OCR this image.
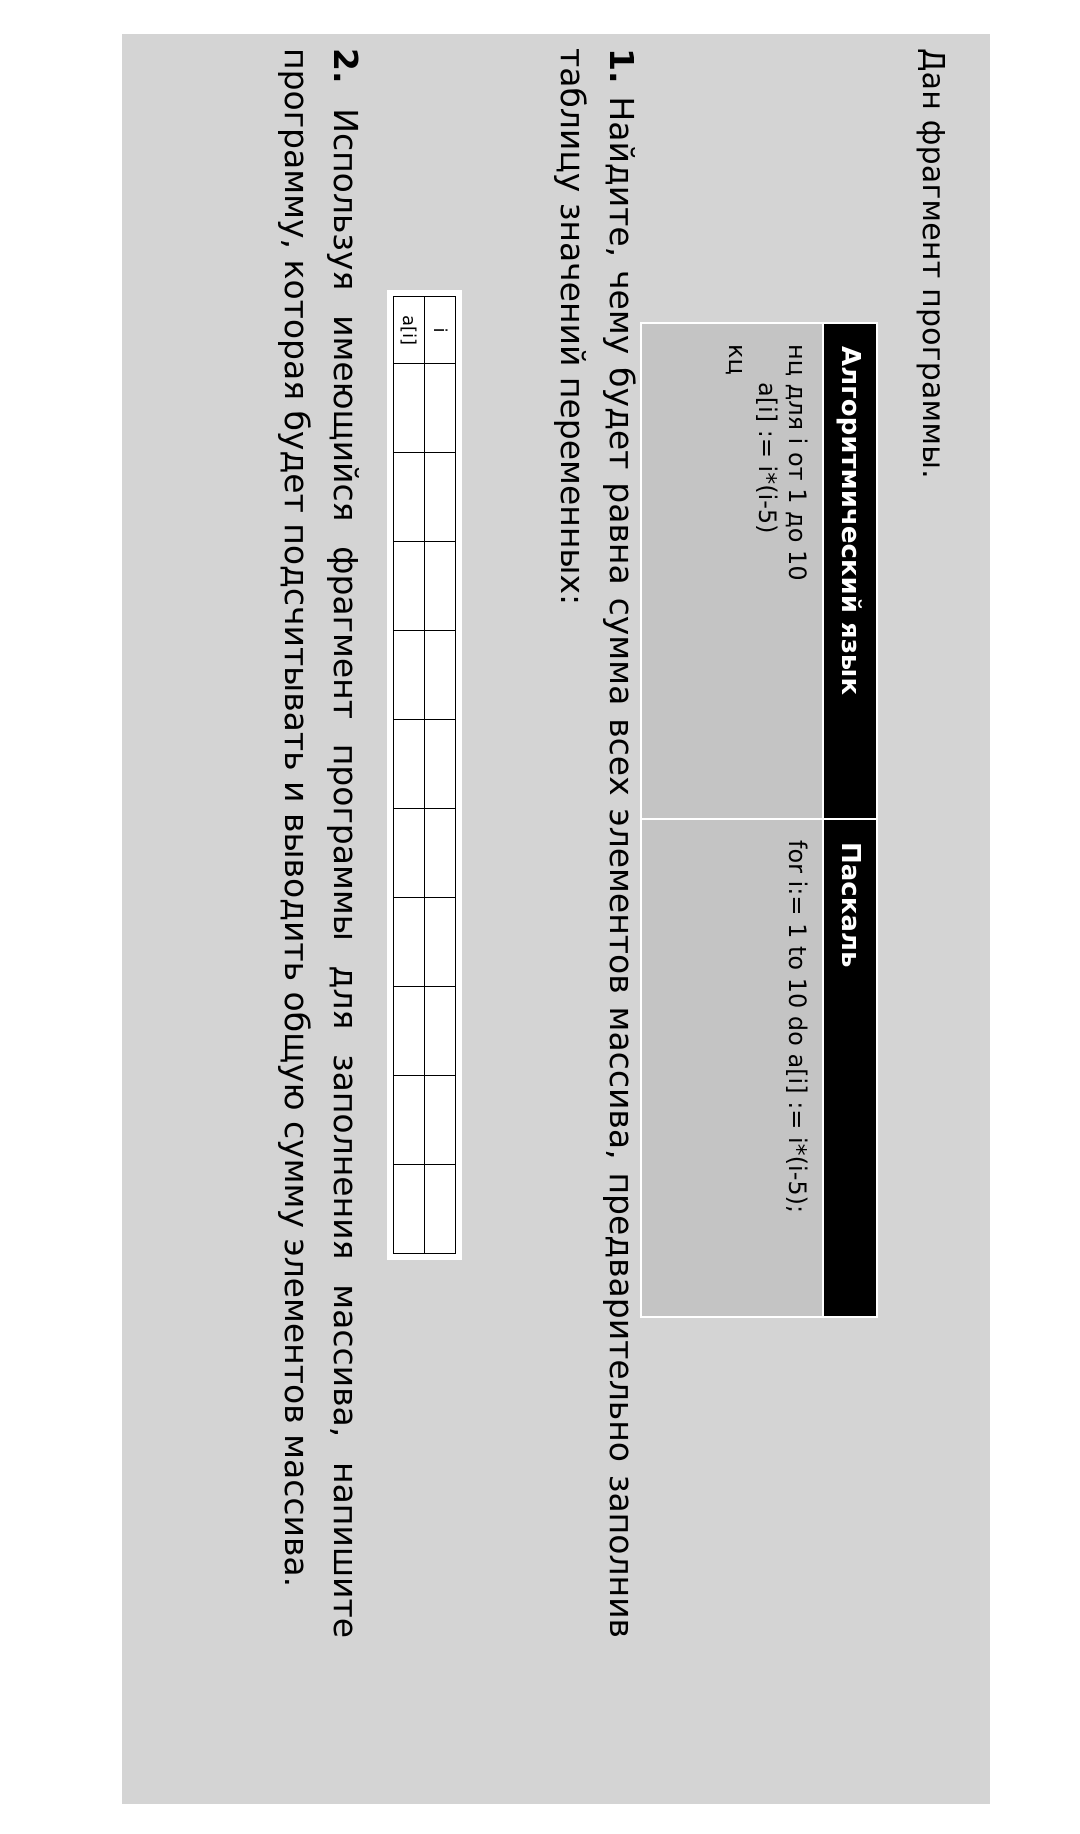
Дан фрагмент программы.
Алгоритмический язык	Паскаль

нц для i от 1 до 10
a[i] := i*(i-5)
кц	for i:= 1 to 10 do a[i] := i*(i-5);
1. Найдите, чему будет равна сумма всех элементов массива, предварительно заполнив таблицу значений переменных:
i										
a[i]										
2. Используя имеющийся фрагмент программы для заполнения массива, напишите программу, которая будет подсчитывать и выводить общую сумму элементов массива.
